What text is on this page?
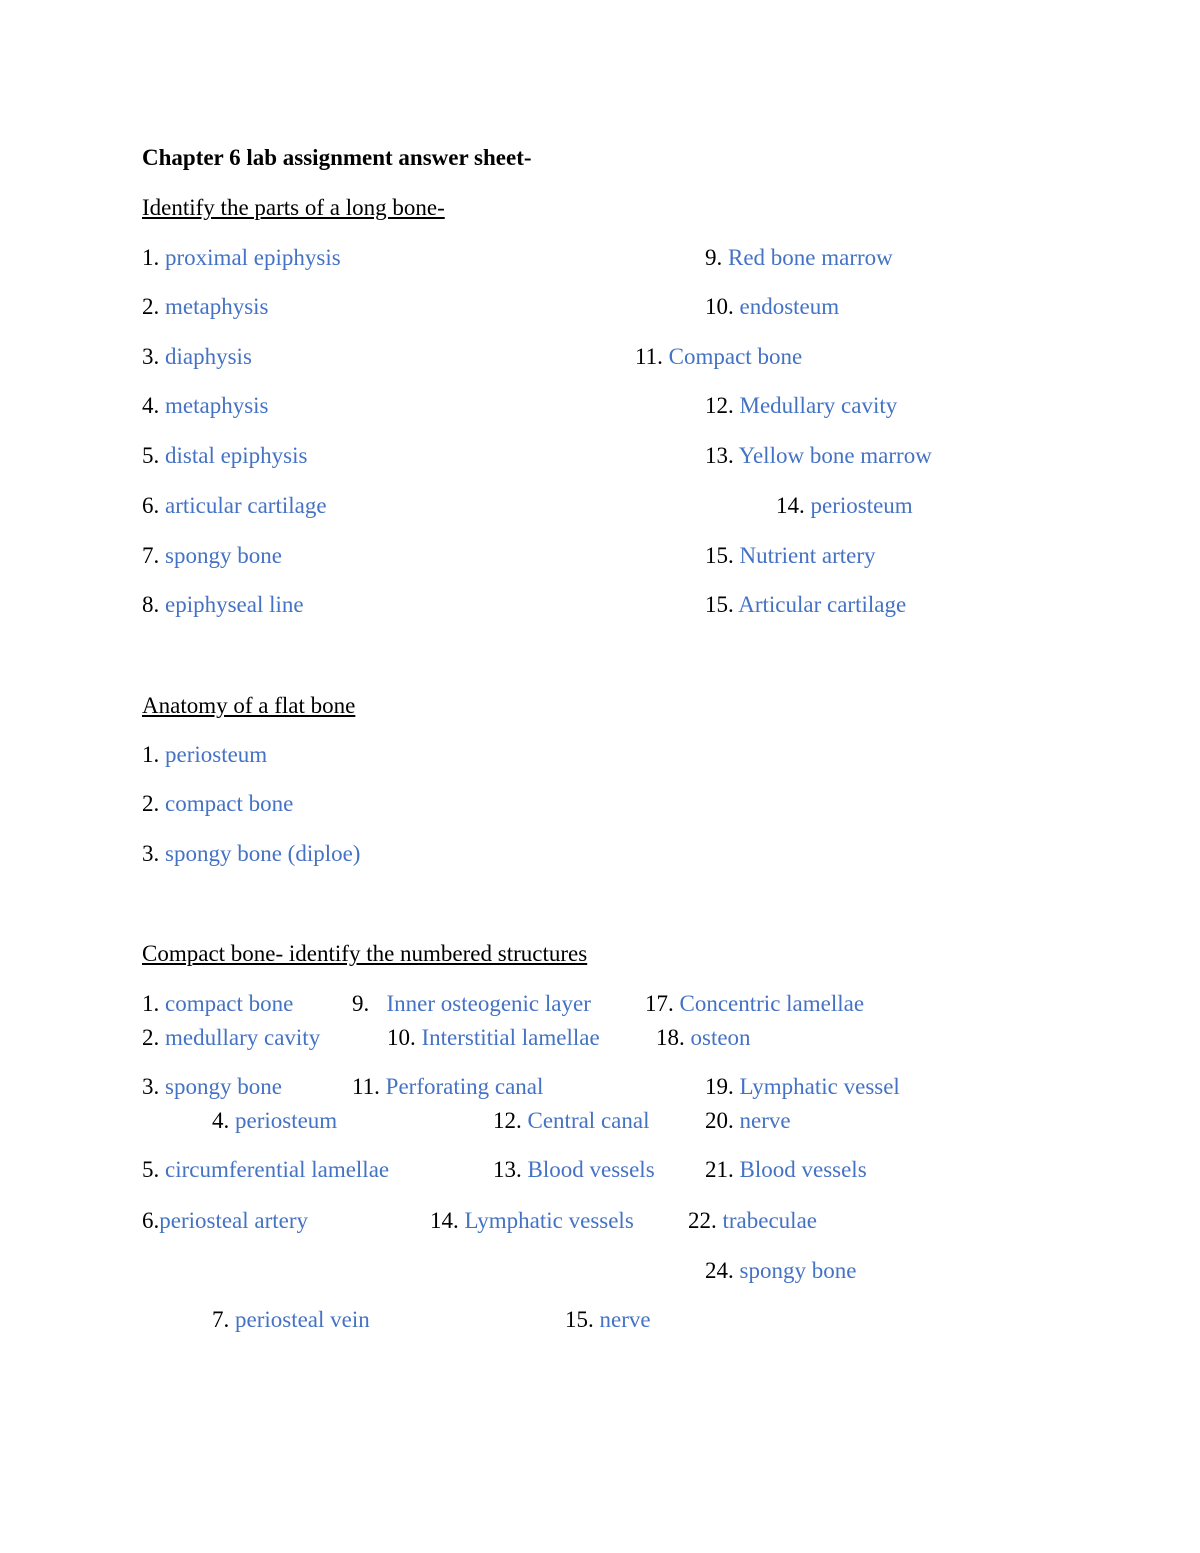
Chapter 6 lab assignment answer sheet-
Identify the parts of a long bone-
1. proximal epiphysis
2. metaphysis
3. diaphysis
4. metaphysis
5. distal epiphysis
6. articular cartilage
7. spongy bone
8. epiphyseal line
9. Red bone marrow
10. endosteum
11. Compact bone
12. Medullary cavity
13. Yellow bone marrow
14. periosteum
15. Nutrient artery
15. Articular cartilage
Anatomy of a flat bone
1. periosteum
2. compact bone
3. spongy bone (diploe)
Compact bone- identify the numbered structures
1. compact bone	9. Inner osteogenic layer 17. Concentric lamellae
2. medullary cavity	10. Interstitial lamellae 18. osteon
3. spongy bone	11. Perforating canal	19. Lymphatic vessel
4. periosteum	12. Central canal 20. nerve
5. circumferential lamellae	13. Blood vessels 21. Blood vessels
6.periosteal artery	14. Lymphatic vessels 22. trabeculae
24. spongy bone
7. periosteal vein	15. nerve
